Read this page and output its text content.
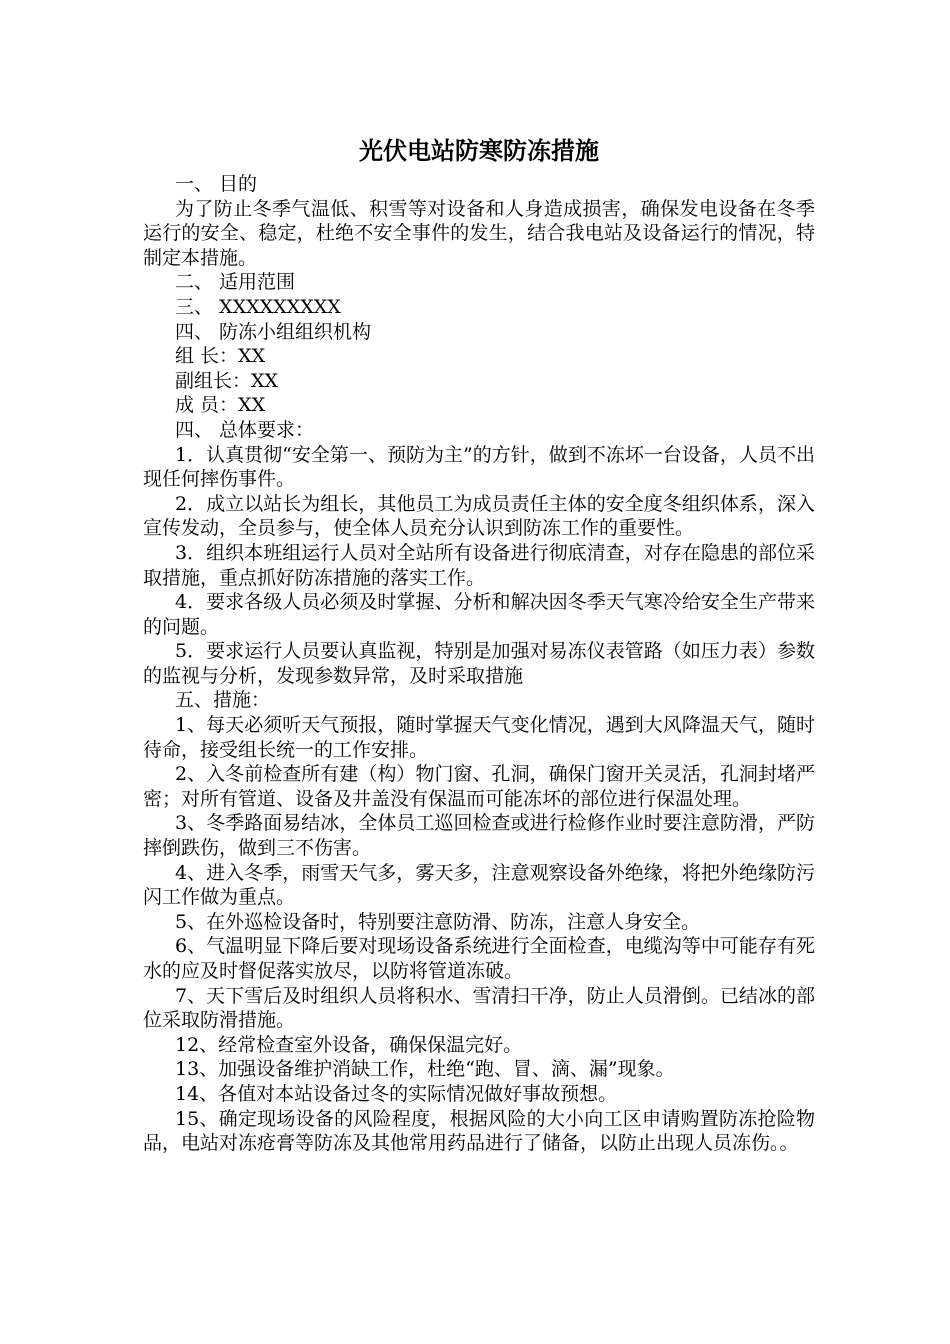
光伏电站防寒防冻措施

一、 目的

为了防止冬季气温低、积雪等对设备和人身造成损害，确保发电设备在冬季运行的安全、稳定，杜绝不安全事件的发生，结合我电站及设备运行的情况，特制定本措施。

二、 适用范围

三、 XXXXXXXXX

四、 防冻小组组织机构

组 长：XX

副组长：XX

成 员：XX

四、 总体要求：

1．认真贯彻“安全第一、预防为主”的方针，做到不冻坏一台设备，人员不出现任何摔伤事件。

2．成立以站长为组长，其他员工为成员责任主体的安全度冬组织体系，深入宣传发动，全员参与，使全体人员充分认识到防冻工作的重要性。

3．组织本班组运行人员对全站所有设备进行彻底清查，对存在隐患的部位采取措施，重点抓好防冻措施的落实工作。

4．要求各级人员必须及时掌握、分析和解决因冬季天气寒冷给安全生产带来的问题。

5．要求运行人员要认真监视，特别是加强对易冻仪表管路（如压力表）参数的监视与分析，发现参数异常，及时采取措施

五、措施：

1、每天必须听天气预报，随时掌握天气变化情况，遇到大风降温天气，随时待命，接受组长统一的工作安排。

2、入冬前检查所有建（构）物门窗、孔洞，确保门窗开关灵活，孔洞封堵严密；对所有管道、设备及井盖没有保温而可能冻坏的部位进行保温处理。

3、冬季路面易结冰，全体员工巡回检查或进行检修作业时要注意防滑，严防摔倒跌伤，做到三不伤害。

4、进入冬季，雨雪天气多，雾天多，注意观察设备外绝缘，将把外绝缘防污闪工作做为重点。

5、在外巡检设备时，特别要注意防滑、防冻，注意人身安全。

6、气温明显下降后要对现场设备系统进行全面检查，电缆沟等中可能存有死水的应及时督促落实放尽，以防将管道冻破。

7、天下雪后及时组织人员将积水、雪清扫干净，防止人员滑倒。已结冰的部位采取防滑措施。

12、经常检查室外设备，确保保温完好。

13、加强设备维护消缺工作，杜绝“跑、冒、滴、漏”现象。

14、各值对本站设备过冬的实际情况做好事故预想。

15、确定现场设备的风险程度，根据风险的大小向工区申请购置防冻抢险物品，电站对冻疮膏等防冻及其他常用药品进行了储备，以防止出现人员冻伤。。
